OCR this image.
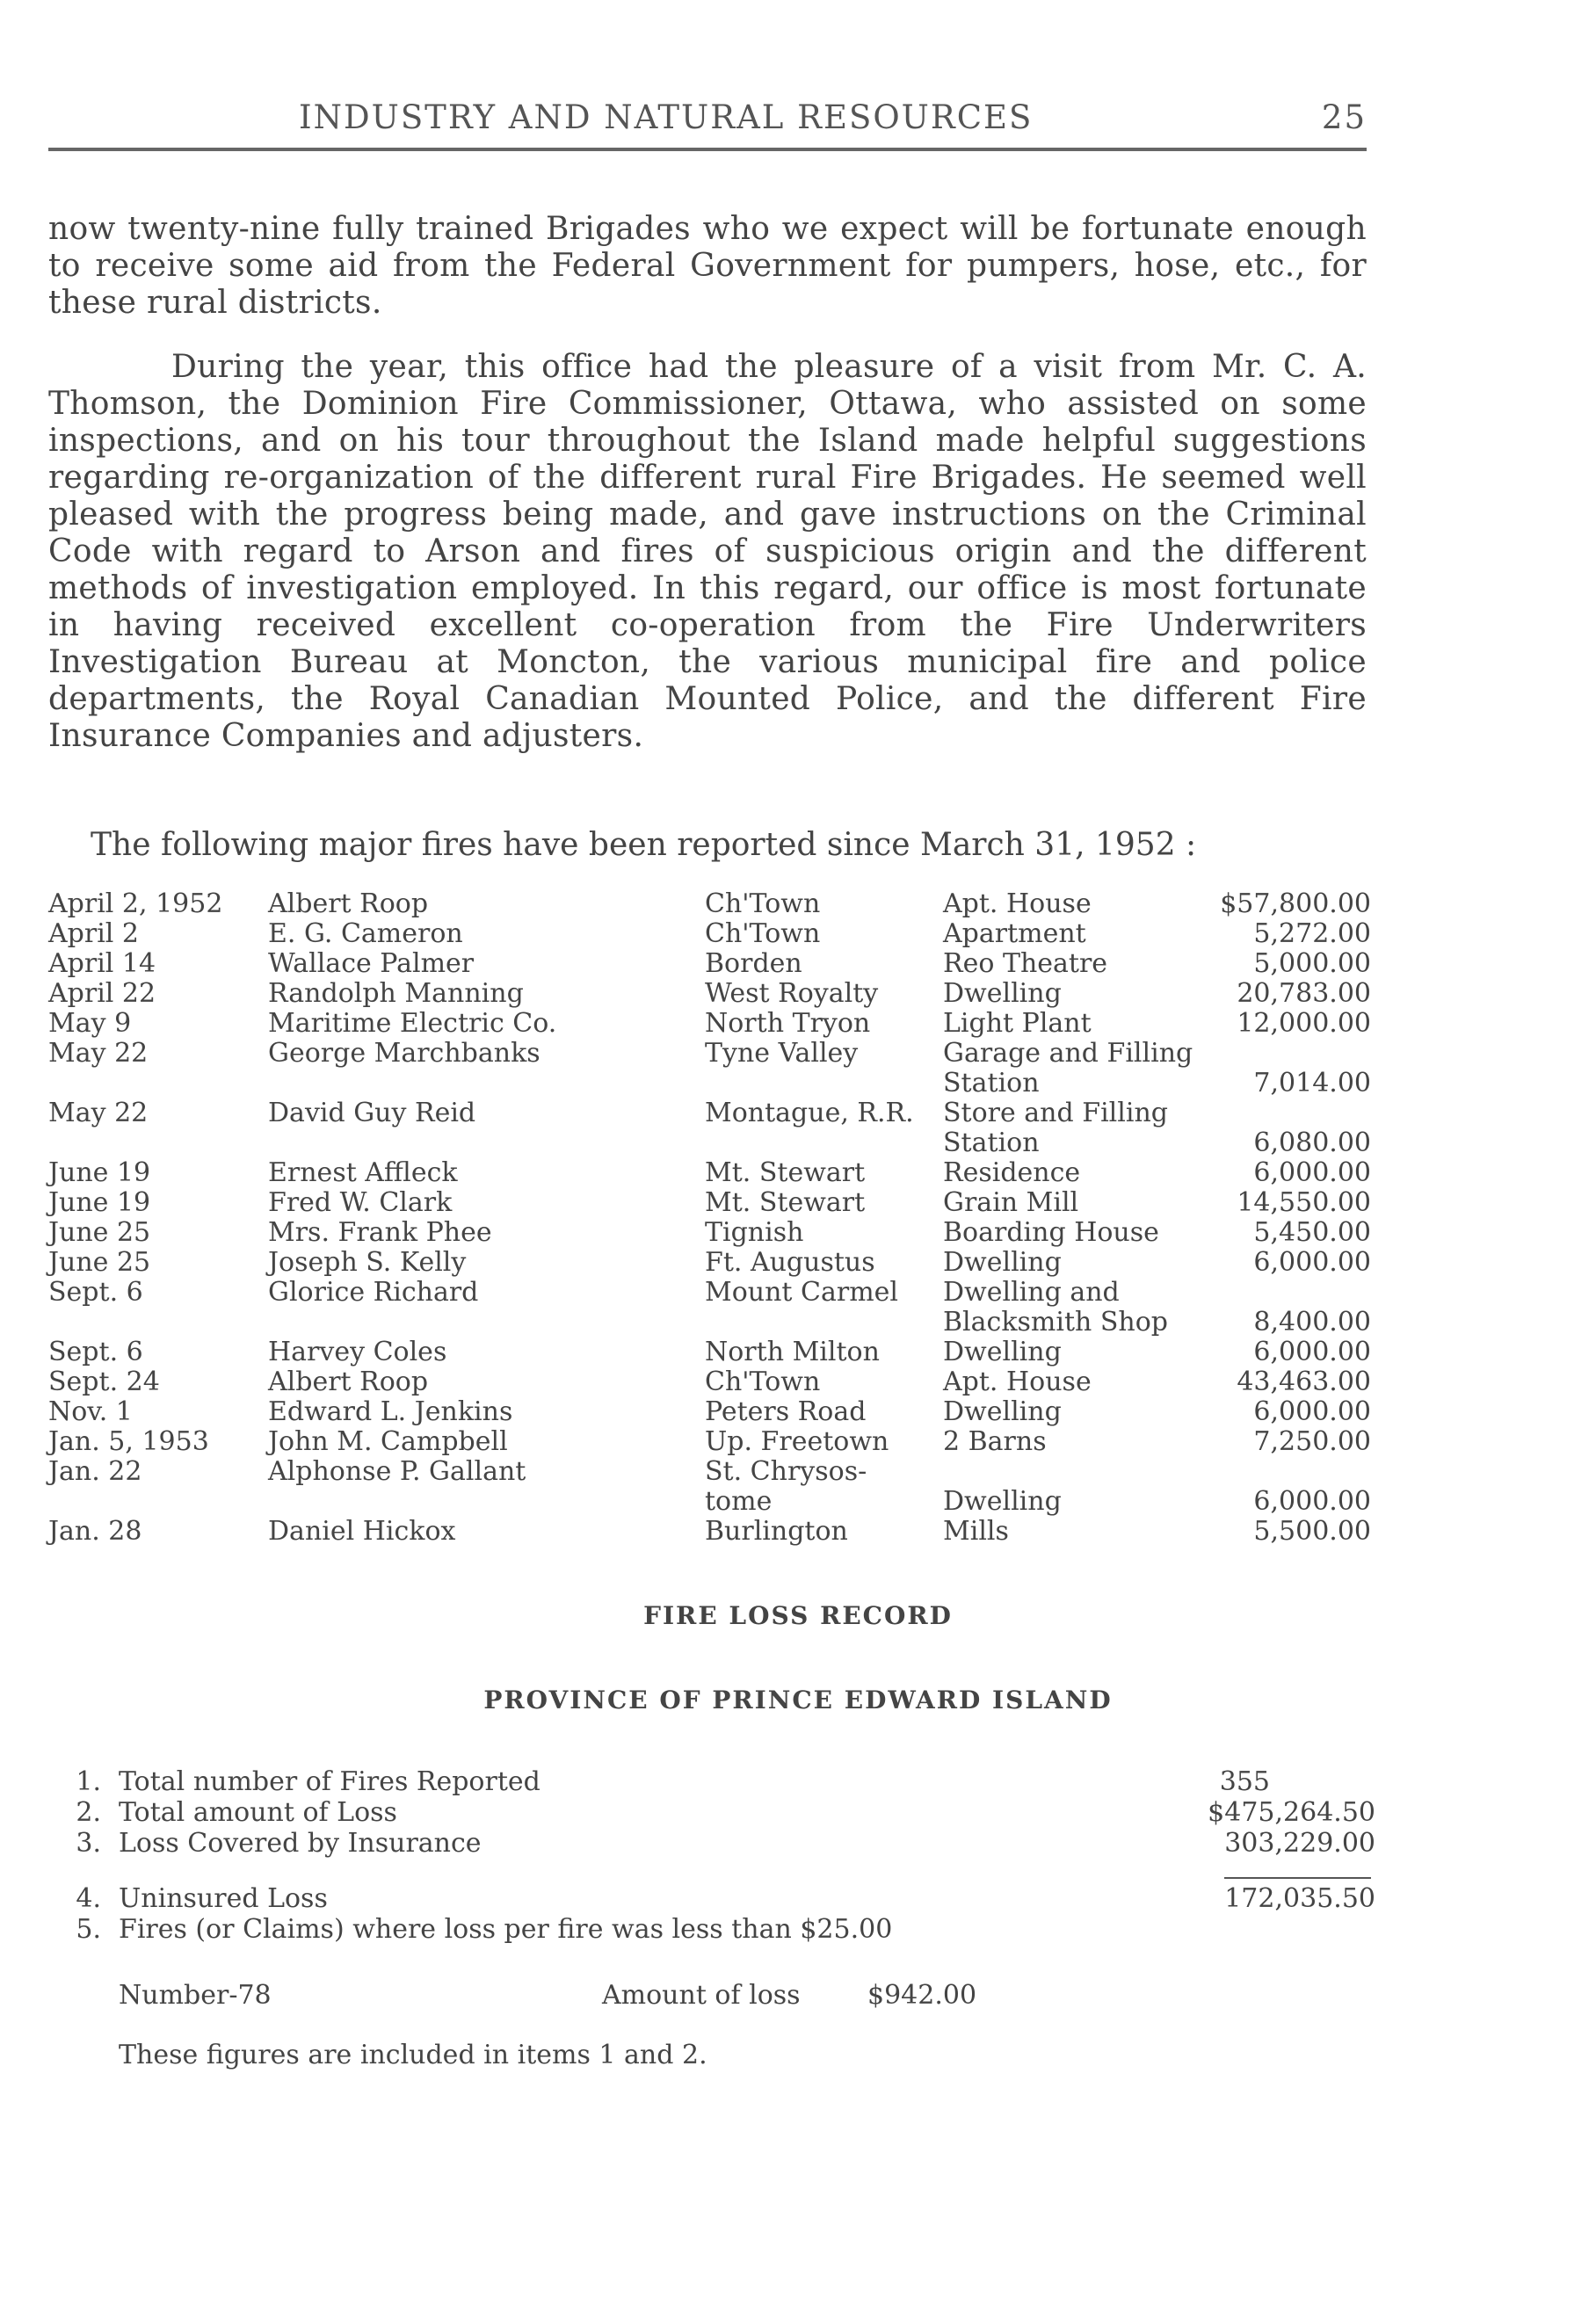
INDUSTRY AND NATURAL RESOURCES	25

now twenty-nine fully trained Brigades who we expect will be fortunate enough to receive some aid from the Federal Government for pumpers, hose, etc., for these rural districts.

During the year, this office had the pleasure of a visit from Mr. C. A. Thomson, the Dominion Fire Commissioner, Ottawa, who assisted on some inspections, and on his tour throughout the Island made helpful suggestions regarding re-organization of the different rural Fire Brigades. He seemed well pleased with the progress being made, and gave instructions on the Criminal Code with regard to Arson and fires of suspicious origin and the different methods of investigation employed. In this regard, our office is most fortunate in having received excellent co-operation from the Fire Underwriters Investigation Bureau at Moncton, the various municipal fire and police departments, the Royal Canadian Mounted Police, and the different Fire Insurance Companies and adjusters.

The following major fires have been reported since March 31, 1952 :

April 2, 1952 Albert Roop	Ch'Town	Apt. House	$57,800.00
April 2	E. G. Cameron	Ch'Town	Apartment	5,272.00
April 14	Wallace Palmer	Borden	Reo Theatre	5,000.00
April 22	Randolph Manning	West Royalty	Dwelling	20,783.00
May 9	Maritime Electric Co.	North Tryon	Light Plant	12,000.00
May 22	George Marchbanks	Tyne Valley	Garage and Filling Station	7,014.00
May 22	David Guy Reid	Montague, R.R.	Store and Filling Station	6,080.00
June 19	Ernest Affleck	Mt. Stewart	Residence	6,000.00
June 19	Fred W. Clark	Mt. Stewart	Grain Mill	14,550.00
June 25	Mrs. Frank Phee	Tignish	Boarding House	5,450.00
June 25	Joseph S. Kelly	Ft. Augustus	Dwelling	6,000.00
Sept. 6	Glorice Richard	Mount Carmel	Dwelling and Blacksmith Shop	8,400.00
Sept. 6	Harvey Coles	North Milton	Dwelling	6,000.00
Sept. 24	Albert Roop	Ch'Town	Apt. House	43,463.00
Nov. 1	Edward L. Jenkins	Peters Road	Dwelling	6,000.00
Jan. 5, 1953 John M. Campbell	Up. Freetown	2 Barns	7,250.00
Jan. 22	Alphonse P. Gallant	St. Chrysos- tome	Dwelling	6,000.00
Jan. 28	Daniel Hickox	Burlington	Mills	5,500.00

FIRE LOSS RECORD

PROVINCE OF PRINCE EDWARD ISLAND

1. Total number of Fires Reported	355
2. Total amount of Loss	$475,264.50
3. Loss Covered by Insurance	303,229.00
4. Uninsured Loss	172,035.50
5. Fires (or Claims) where loss per fire was less than $25.00
Number-78	Amount of loss	$942.00
These figures are included in items 1 and 2.
